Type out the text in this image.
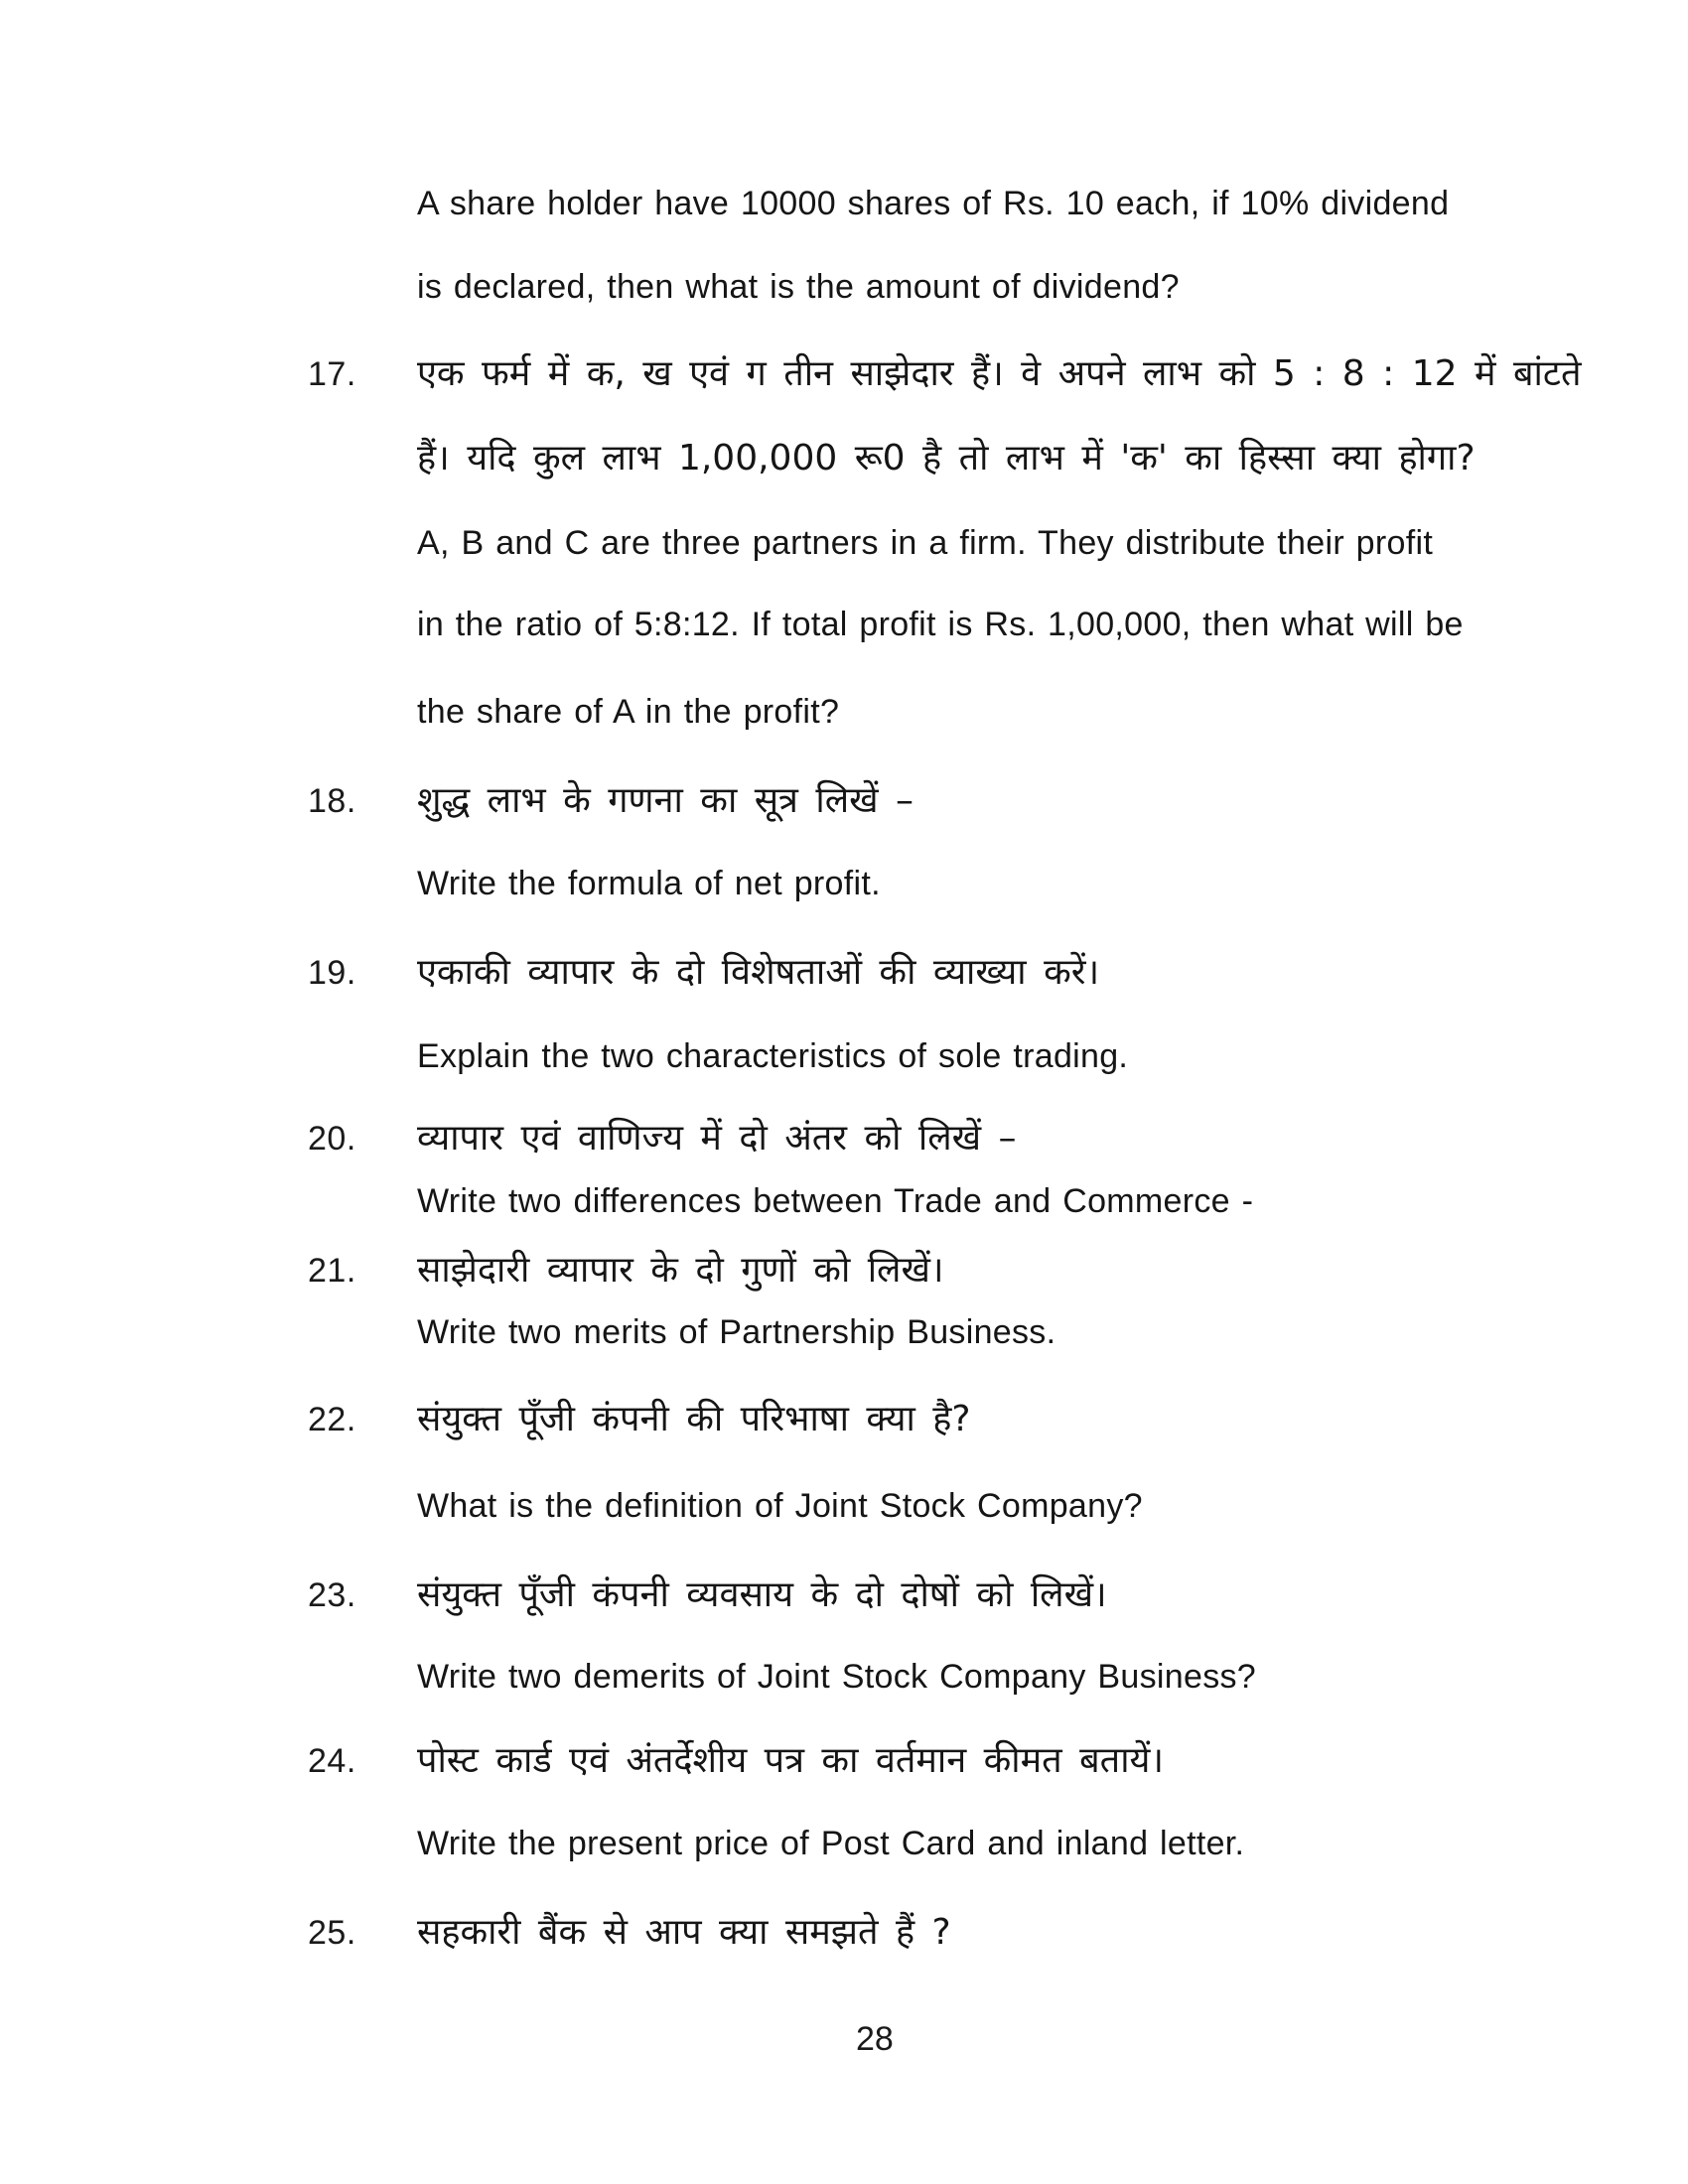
A share holder have 10000 shares of Rs. 10 each, if 10% dividend
is declared, then what is the amount of dividend?
17. एक फर्म में क, ख एवं ग तीन साझेदार हैं। वे अपने लाभ को 5 : 8 : 12 में बांटते
हैं। यदि कुल लाभ 1,00,000 रू0 है तो लाभ में 'क' का हिस्सा क्या होगा?
A, B and C are three partners in a firm. They distribute their profit
in the ratio of 5:8:12. If total profit is Rs. 1,00,000, then what will be
the share of A in the profit?
18. शुद्ध लाभ के गणना का सूत्र लिखें –
Write the formula of net profit.
19. एकाकी व्यापार के दो विशेषताओं की व्याख्या करें।
Explain the two characteristics of sole trading.
20. व्यापार एवं वाणिज्य में दो अंतर को लिखें –
Write two differences between Trade and Commerce -
21. साझेदारी व्यापार के दो गुणों को लिखें।
Write two merits of Partnership Business.
22. संयुक्त पूँजी कंपनी की परिभाषा क्या है?
What is the definition of Joint Stock Company?
23. संयुक्त पूँजी कंपनी व्यवसाय के दो दोषों को लिखें।
Write two demerits of Joint Stock Company Business?
24. पोस्ट कार्ड एवं अंतर्देशीय पत्र का वर्तमान कीमत बतायें।
Write the present price of Post Card and inland letter.
25. सहकारी बैंक से आप क्या समझते हैं ?
28
